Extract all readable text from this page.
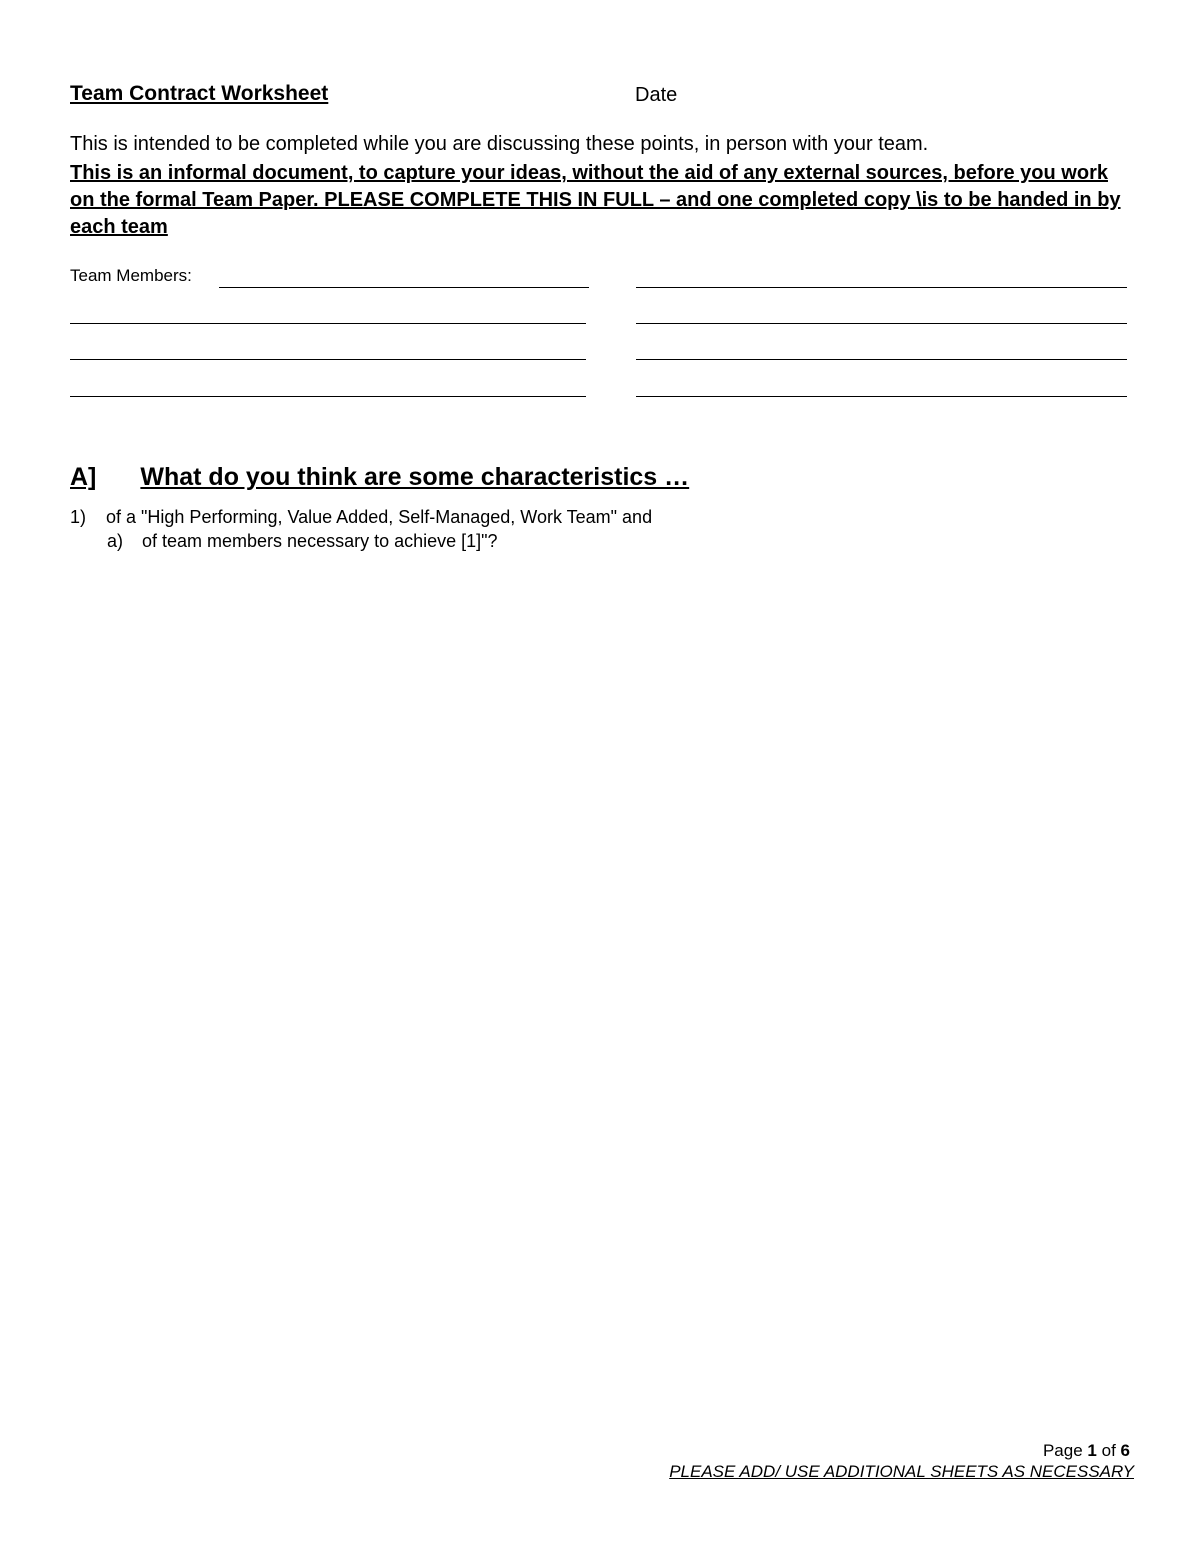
Team Contract Worksheet	Date
This is intended to be completed while you are discussing these points, in person with your team.
This is an informal document, to capture your ideas, without the aid of any external sources, before you work on the formal Team Paper. PLEASE COMPLETE THIS IN FULL – and one completed copy \is to be handed in by each team
Team Members:
A] What do you think are some characteristics …
1) of a "High Performing, Value Added, Self-Managed, Work Team" and
a) of team members necessary to achieve [1]"?
Page 1 of 6
PLEASE ADD/ USE ADDITIONAL SHEETS AS NECESSARY
